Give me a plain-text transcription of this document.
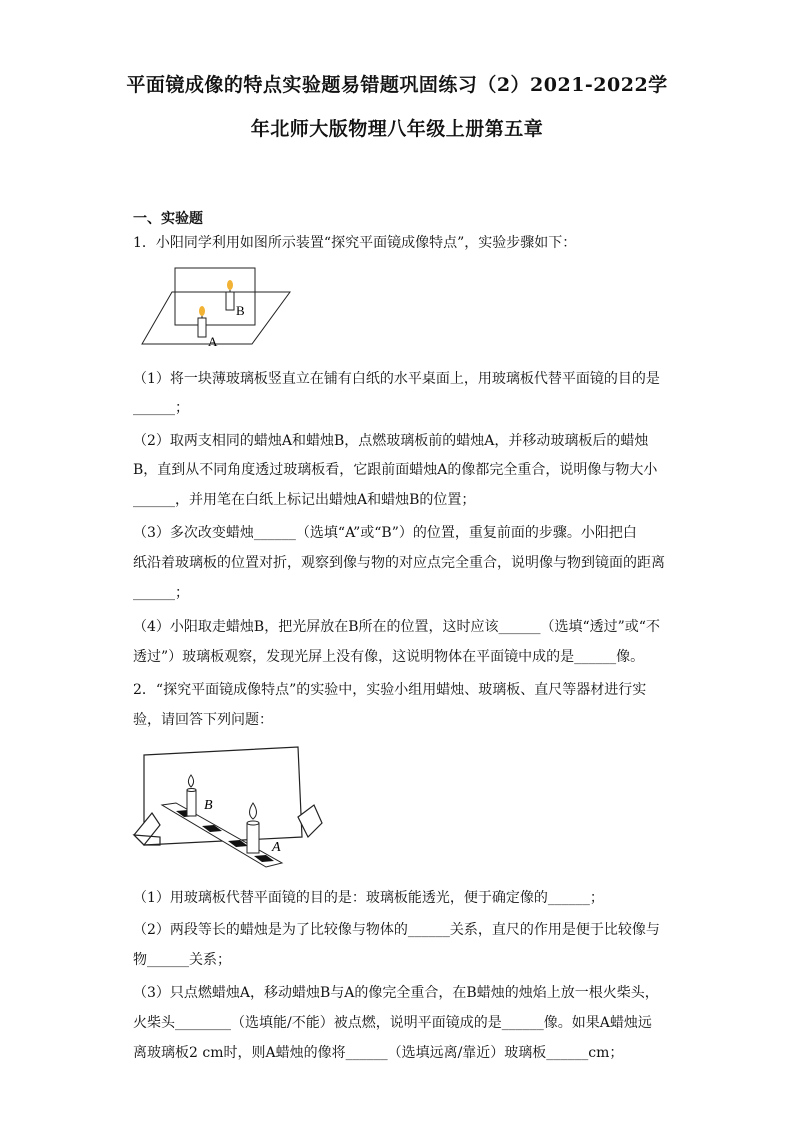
平面镜成像的特点实验题易错题巩固练习（2）2021-2022学
年北师大版物理八年级上册第五章
一、实验题
1．小阳同学利用如图所示装置“探究平面镜成像特点”，实验步骤如下：
B
A
（1）将一块薄玻璃板竖直立在铺有白纸的水平桌面上，用玻璃板代替平面镜的目的是
______；
（2）取两支相同的蜡烛A和蜡烛B，点燃玻璃板前的蜡烛A，并移动玻璃板后的蜡烛
B，直到从不同角度透过玻璃板看，它跟前面蜡烛A的像都完全重合，说明像与物大小
______，并用笔在白纸上标记出蜡烛A和蜡烛B的位置；
（3）多次改变蜡烛______（选填“A”或“B”）的位置，重复前面的步骤。小阳把白
纸沿着玻璃板的位置对折，观察到像与物的对应点完全重合，说明像与物到镜面的距离
______；
（4）小阳取走蜡烛B，把光屏放在B所在的位置，这时应该______（选填“透过”或“不
透过”）玻璃板观察，发现光屏上没有像，这说明物体在平面镜中成的是______像。
2．“探究平面镜成像特点”的实验中，实验小组用蜡烛、玻璃板、直尺等器材进行实
验，请回答下列问题：
B
A
（1）用玻璃板代替平面镜的目的是：玻璃板能透光，便于确定像的______；
（2）两段等长的蜡烛是为了比较像与物体的______关系，直尺的作用是便于比较像与
物______关系；
（3）只点燃蜡烛A，移动蜡烛B与A的像完全重合，在B蜡烛的烛焰上放一根火柴头，
火柴头________（选填能/不能）被点燃，说明平面镜成的是______像。如果A蜡烛远
离玻璃板2 cm时，则A蜡烛的像将______（选填远离/靠近）玻璃板______cm；
